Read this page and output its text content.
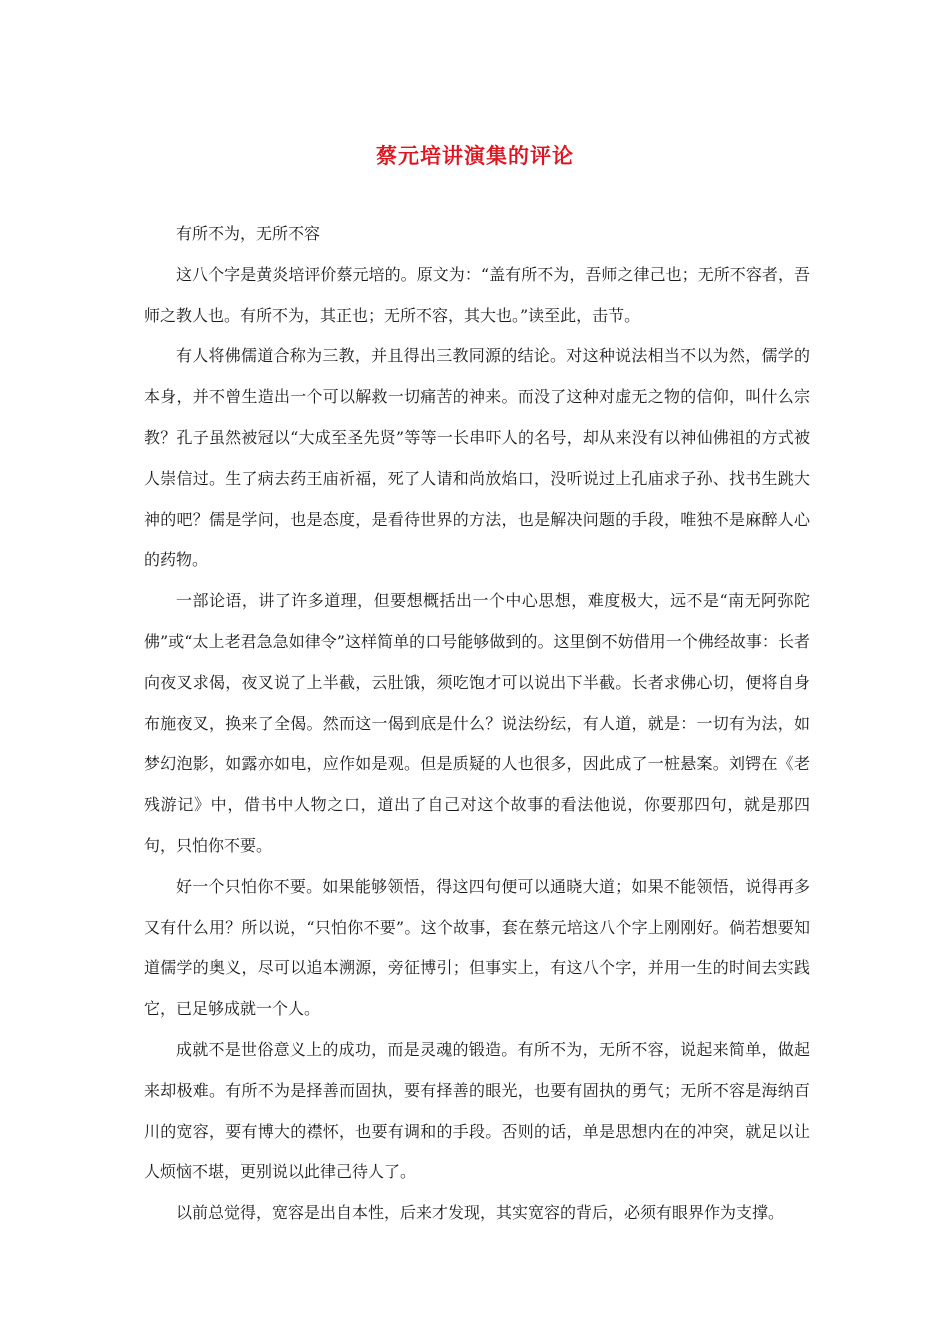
蔡元培讲演集的评论

有所不为，无所不容

这八个字是黄炎培评价蔡元培的。原文为：“盖有所不为，吾师之律己也；无所不容者，吾师之教人也。有所不为，其正也；无所不容，其大也。”读至此，击节。

有人将佛儒道合称为三教，并且得出三教同源的结论。对这种说法相当不以为然，儒学的本身，并不曾生造出一个可以解救一切痛苦的神来。而没了这种对虚无之物的信仰，叫什么宗教？孔子虽然被冠以“大成至圣先贤”等等一长串吓人的名号，却从来没有以神仙佛祖的方式被人崇信过。生了病去药王庙祈福，死了人请和尚放焰口，没听说过上孔庙求子孙、找书生跳大神的吧？儒是学问，也是态度，是看待世界的方法，也是解决问题的手段，唯独不是麻醉人心的药物。

一部论语，讲了许多道理，但要想概括出一个中心思想，难度极大，远不是“南无阿弥陀佛”或“太上老君急急如律令”这样简单的口号能够做到的。这里倒不妨借用一个佛经故事：长者向夜叉求偈，夜叉说了上半截，云肚饿，须吃饱才可以说出下半截。长者求佛心切，便将自身布施夜叉，换来了全偈。然而这一偈到底是什么？说法纷纭，有人道，就是：一切有为法，如梦幻泡影，如露亦如电，应作如是观。但是质疑的人也很多，因此成了一桩悬案。刘锷在《老残游记》中，借书中人物之口，道出了自己对这个故事的看法他说，你要那四句，就是那四句，只怕你不要。

好一个只怕你不要。如果能够领悟，得这四句便可以通晓大道；如果不能领悟，说得再多又有什么用？所以说，“只怕你不要”。这个故事，套在蔡元培这八个字上刚刚好。倘若想要知道儒学的奥义，尽可以追本溯源，旁征博引；但事实上，有这八个字，并用一生的时间去实践它，已足够成就一个人。

成就不是世俗意义上的成功，而是灵魂的锻造。有所不为，无所不容，说起来简单，做起来却极难。有所不为是择善而固执，要有择善的眼光，也要有固执的勇气；无所不容是海纳百川的宽容，要有博大的襟怀，也要有调和的手段。否则的话，单是思想内在的冲突，就足以让人烦恼不堪，更别说以此律己待人了。

以前总觉得，宽容是出自本性，后来才发现，其实宽容的背后，必须有眼界作为支撑。
